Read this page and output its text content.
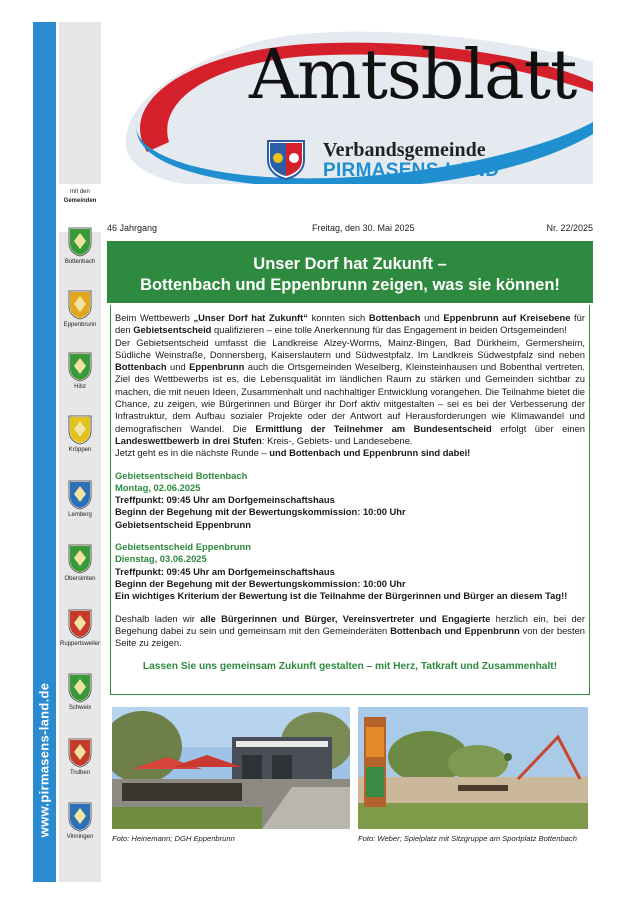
www.pirmasens-land.de
mit den
Gemeinden
Bottenbach
Eppenbrunn
Hilst
Kröppen
Lemberg
Obersimten
Ruppertsweiler
Schweix
Trulben
Vinningen
Amtsblatt
Verbandsgemeinde
PIRMASENS-LAND
46 Jahrgang	Freitag, den 30. Mai 2025	Nr. 22/2025
Unser Dorf hat Zukunft –
Bottenbach und Eppenbrunn zeigen, was sie können!

Beim Wettbewerb „Unser Dorf hat Zukunft“ konnten sich Bottenbach und Eppenbrunn auf Kreisebene für den Gebietsentscheid qualifizieren – eine tolle Anerkennung für das Engagement in beiden Ortsgemeinden!

Der Gebietsentscheid umfasst die Landkreise Alzey-Worms, Mainz-Bingen, Bad Dürkheim, Germersheim, Südliche Weinstraße, Donnersberg, Kaiserslautern und Südwestpfalz. Im Landkreis Südwestpfalz sind neben Bottenbach und Eppenbrunn auch die Ortsgemeinden Weselberg, Kleinsteinhausen und Bobenthal vertreten. Ziel des Wettbewerbs ist es, die Lebensqualität im ländlichen Raum zu stärken und Gemeinden sichtbar zu machen, die mit neuen Ideen, Zusammenhalt und nachhaltiger Entwicklung vorangehen. Die Teilnahme bietet die Chance, zu zeigen, wie Bürgerinnen und Bürger ihr Dorf aktiv mitgestalten – sei es bei der Verbesserung der Infrastruktur, dem Aufbau sozialer Projekte oder der Antwort auf Herausforderungen wie Klimawandel und demografischen Wandel. Die Ermittlung der Teilnehmer am Bundesentscheid erfolgt über einen Landeswettbewerb in drei Stufen: Kreis-, Gebiets- und Landesebene.

Jetzt geht es in die nächste Runde – und Bottenbach und Eppenbrunn sind dabei!

Gebietsentscheid Bottenbach

Montag, 02.06.2025

Treffpunkt: 09:45 Uhr am Dorfgemeinschaftshaus

Beginn der Begehung mit der Bewertungskommission: 10:00 Uhr

Gebietsentscheid Eppenbrunn

Gebietsentscheid Eppenbrunn

Dienstag, 03.06.2025

Treffpunkt: 09:45 Uhr am Dorfgemeinschaftshaus

Beginn der Begehung mit der Bewertungskommission: 10:00 Uhr

Ein wichtiges Kriterium der Bewertung ist die Teilnahme der Bürgerinnen und Bürger an diesem Tag!!

Deshalb laden wir alle Bürgerinnen und Bürger, Vereinsvertreter und Engagierte herzlich ein, bei der Begehung dabei zu sein und gemeinsam mit den Gemeinderäten Bottenbach und Eppenbrunn von der besten Seite zu zeigen.

Lassen Sie uns gemeinsam Zukunft gestalten – mit Herz, Tatkraft und Zusammenhalt!
Foto: Heinemann; DGH Eppenbrunn	Foto: Weber; Spielplatz mit Sitzgruppe am Sportplatz Bottenbach
